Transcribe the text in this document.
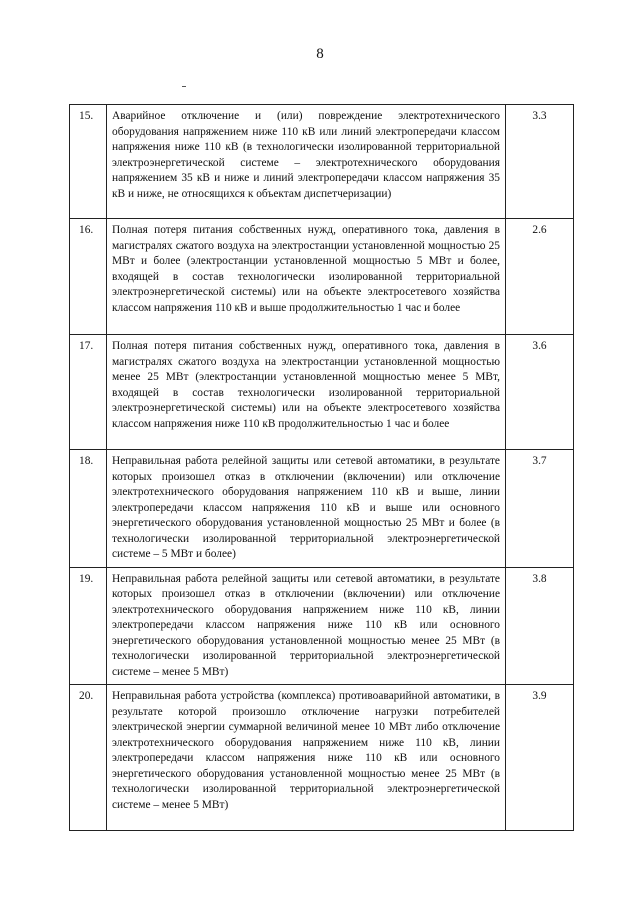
8
15.	Аварийное отключение и (или) повреждение электротехнического оборудования напряжением ниже 110 кВ или линий электропередачи классом напряжения ниже 110 кВ (в технологически изолированной территориальной электроэнергетической системе – электротехнического оборудования напряжением 35 кВ и ниже и линий электропередачи классом напряжения 35 кВ и ниже, не относящихся к объектам диспетчеризации)	3.3
16.	Полная потеря питания собственных нужд, оперативного тока, давления в магистралях сжатого воздуха на электростанции установленной мощностью 25 МВт и более (электростанции установленной мощностью 5 МВт и более, входящей в состав технологически изолированной территориальной электроэнергетической системы) или на объекте электросетевого хозяйства классом напряжения 110 кВ и выше продолжительностью 1 час и более	2.6
17.	Полная потеря питания собственных нужд, оперативного тока, давления в магистралях сжатого воздуха на электростанции установленной мощностью менее 25 МВт (электростанции установленной мощностью менее 5 МВт, входящей в состав технологически изолированной территориальной электроэнергетической системы) или на объекте электросетевого хозяйства классом напряжения ниже 110 кВ продолжительностью 1 час и более	3.6
18.	Неправильная работа релейной защиты или сетевой автоматики, в результате которых произошел отказ в отключении (включении) или отключение электротехнического оборудования напряжением 110 кВ и выше, линии электропередачи классом напряжения 110 кВ и выше или основного энергетического оборудования установленной мощностью 25 МВт и более (в технологически изолированной территориальной электроэнергетической системе – 5 МВт и более)	3.7
19.	Неправильная работа релейной защиты или сетевой автоматики, в результате которых произошел отказ в отключении (включении) или отключение электротехнического оборудования напряжением ниже 110 кВ, линии электропередачи классом напряжения ниже 110 кВ или основного энергетического оборудования установленной мощностью менее 25 МВт (в технологически изолированной территориальной электроэнергетической системе – менее 5 МВт)	3.8
20.	Неправильная работа устройства (комплекса) противоаварийной автоматики, в результате которой произошло отключение нагрузки потребителей электрической энергии суммарной величиной менее 10 МВт либо отключение электротехнического оборудования напряжением ниже 110 кВ, линии электропередачи классом напряжения ниже 110 кВ или основного энергетического оборудования установленной мощностью менее 25 МВт (в технологически изолированной территориальной электроэнергетической системе – менее 5 МВт)	3.9
